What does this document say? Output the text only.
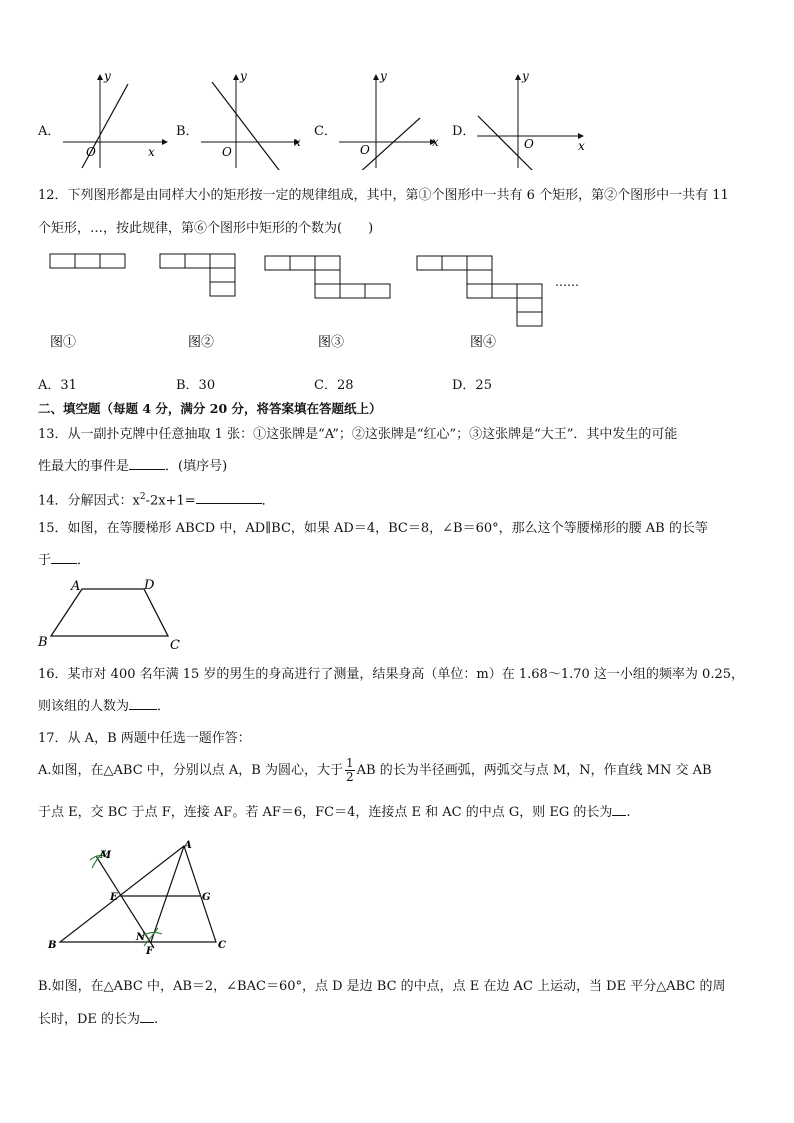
A．
y
x
O
B．
y
x
O
C．
y
x
O
D．
y
x
O
12．下列图形都是由同样大小的矩形按一定的规律组成，其中，第①个图形中一共有 6 个矩形，第②个图形中一共有 11
个矩形，…，按此规律，第⑥个图形中矩形的个数为(　　)
……
图①	图②	图③	图④
A．31	B．30	C．28	D．25
二、填空题（每题 4 分，满分 20 分，将答案填在答题纸上）
13．从一副扑克牌中任意抽取 1 张：①这张牌是“A”；②这张牌是“红心”；③这张牌是“大王”．其中发生的可能
性最大的事件是	．(填序号)
14．分解因式：$x^2-2x+1=$	．
15．如图，在等腰梯形 ABCD 中，AD∥BC，如果 AD＝4，BC＝8，∠B＝60°，那么这个等腰梯形的腰 AB 的长等
于 ．
A	D
B	C
16．某市对 400 名年满 15 岁的男生的身高进行了测量，结果身高（单位：m）在 1.68～1.70 这一小组的频率为 0.25，
则该组的人数为 ．
17．从 A，B 两题中任选一题作答：
A.如图，在△ABC 中，分别以点 A，B 为圆心，大于 $\frac{1}{2}$ AB 的长为半径画弧，两弧交与点 M，N，作直线 MN 交 AB
于点 E，交 BC 于点 F，连接 AF。若 AF＝6，FC＝4，连接点 E 和 AC 的中点 G，则 EG 的长为 .
M
A
E	G
N
B	C
F
B.如图，在△ABC 中，AB＝2，∠BAC＝60°，点 D 是边 BC 的中点，点 E 在边 AC 上运动，当 DE 平分△ABC 的周
长时，DE 的长为 .
